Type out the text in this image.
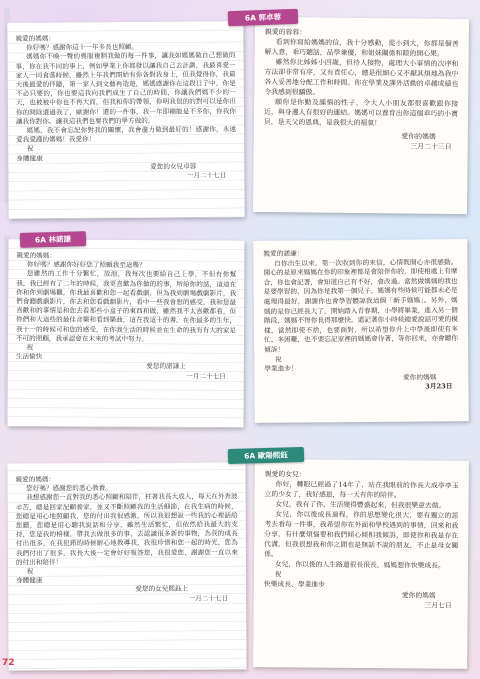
親愛的媽媽：

你好嗎？感謝你這十一年多長也照顧。

媽媽你不喚一聲的喪服複制我做的每一件事，讓我如媽媽做自己想做的事，你在我不同的事上，例如學業上你都發以讓我自己去計劃，我最喜愛一家人一同食落時候，雖然上年我們開始有你各對我身上，但我覺得你，我最大後最愛的伴隨，第一家人到文藝再造遊，媽媽感謝你在這段日子中，你是不必只要的，你也要這我向我們成生了自己的時間，你讓我們媽不少的一天，也被被中你也不再大而，但我和你的帶領，你明我很的的對可以是你出你的問除還過我了，歐謝你！還的一件事，我一年即剛能是不多你，你我你讓我你對你。讓我這我們也要我們的學方做的，

媽媽，我不會忘記你對我的關懷，我會盡力做到最好的！感謝你，永遠愛我愛護的媽媽！我愛你！

祝

身體健康

愛您的女兒卓蓉

一月二十七日

親愛的蓉蓉：

看到你寫給媽媽的信，我十分感動，從小到大，你都是個善解人意，乖巧聽話，品學兼優，和姐妹關係和睦的開心果。

雖然你比姊姊小四歲，但待人接物，處理大小事情的次序和方法卻非常有序，又有責任心，總是很細心又不厭其煩地為我中各人妥善地分配工作和時間。你在學業及課外活動的卓越成績也令我感到很驕傲。

願你是你勤及謹慎的性子，令大人小朋友都很喜歡跟你接近，與身邊人有很好的連結。媽媽可以養育出你這個乖巧的小寶貝，是天父的恩典，是我很大的福氣！

愛你的媽媽

三月二十三日

6A 郭卓蓉

親愛的媽媽：

你好嗎？感謝你好好您了照顧我至這幾？

您雖然的工作十分繁忙，放池，我每次也要給自己上學，不但有你幫我，我已經有了二年的時候，我更喜歡為你做的的事，所給你的話，這這在你和你到劇場觀，你我最喜歡和您一起看戲劇，但為我到劇場戲劇影片，我們會聽戲劇影片，你去和您看戲劇影片，看中一些我會想的感受，我和您最喜歡和的事情是和您去看那些小盒子的東西和做，雖然我不太喜歡都看，但你們和大這些的最佳音樂和看到樂曲，這在我這十的書。在你最多的生年，我十一的時候可和您的感受，在你我生活的時候並在生命的我有有大的家是不可的照顧，我承認會在未來的考試中努力。

祝

生活愉快

愛您的諾謙上

一月二十七日

親愛的諾謙：

自你出生以來，第一次收到你的來信，心情既開心亦很感動。開心的是原來媽媽在你的印象裡都是會陪伴你的，即使相處上有摩合，你也會記著，會知道自己有不好，會改過。當然做媽媽的我也是要學習的，因為你是我第一個兒子，媽媽有些時候可能都未必是處理得最好，謝謝你也會學習體諒我這個「新手媽媽」。另外，媽媽的是你已經長大了，開始踏入青春期，小學將畢業，進入另一個階段，媽媽不得你長得那麼快，還記著你小時候總愛說話可愛的模樣，當然即使不捨，也要面對，所以希望你升上中學後即使有多忙、多困難，也不要忘記家裡的媽媽會待著，等你回來，亦會聽你傾訴！

祝

學業進步！

愛你的媽媽

3月23日

6A 林諾謙

親愛的媽媽：

您好嗎？感謝您的悉心教養。

我想感謝您一直對我的悉心照顧和陪伴，枉著我長大成人，每天在外奔波辛苦，總是回家記顧養家，並又不斷照顧我的生活細節，在我生病的時候，您總是用心地照顧我，您的付出我很感激，所以我很想說一些我的心裡話給您聽，您總是用心聽我說話和分享，雖然生活繁忙，但依然給我最大的支持，您是我的榜樣，帶我去做很多的事，去認識很多新的事物，為我的成長付出很多，在我犯錯的時候耐心地教導我，我很珍惜和您一起的時光，您為我們付出了很多，我長大後一定會好好報答您，我很愛您，謝謝您一直以來的付出和陪伴！

祝

身體健康

愛您的女兒熙鈺上

一月二十七日

親愛的女兒：

你好，轉眼已經過了14年了，站在我眼前的你長大成亭亭玉立的少女了，我好感恩，每一天有你的陪伴。

女兒，我有了你，生活變得豐盛起來，但我很樂意去做。

女兒，你以後成長過程，你的思想變化很大，要有獨立的思考去看每一件事，我希望你在外面和學校遇到的事情，回來和我分享，有什麼煩惱要和我們傾心傾相我傾訴，即使你和我是存在代溝，但我很想我和你之間也是無話不說的朋友，不止是母女關係。

女兒，你以後的人生路還很長很長，媽媽想你快樂成長。

祝

快樂成長、學業進步

愛你的媽媽

三月七日

6A 歐陽熙鈺
72
